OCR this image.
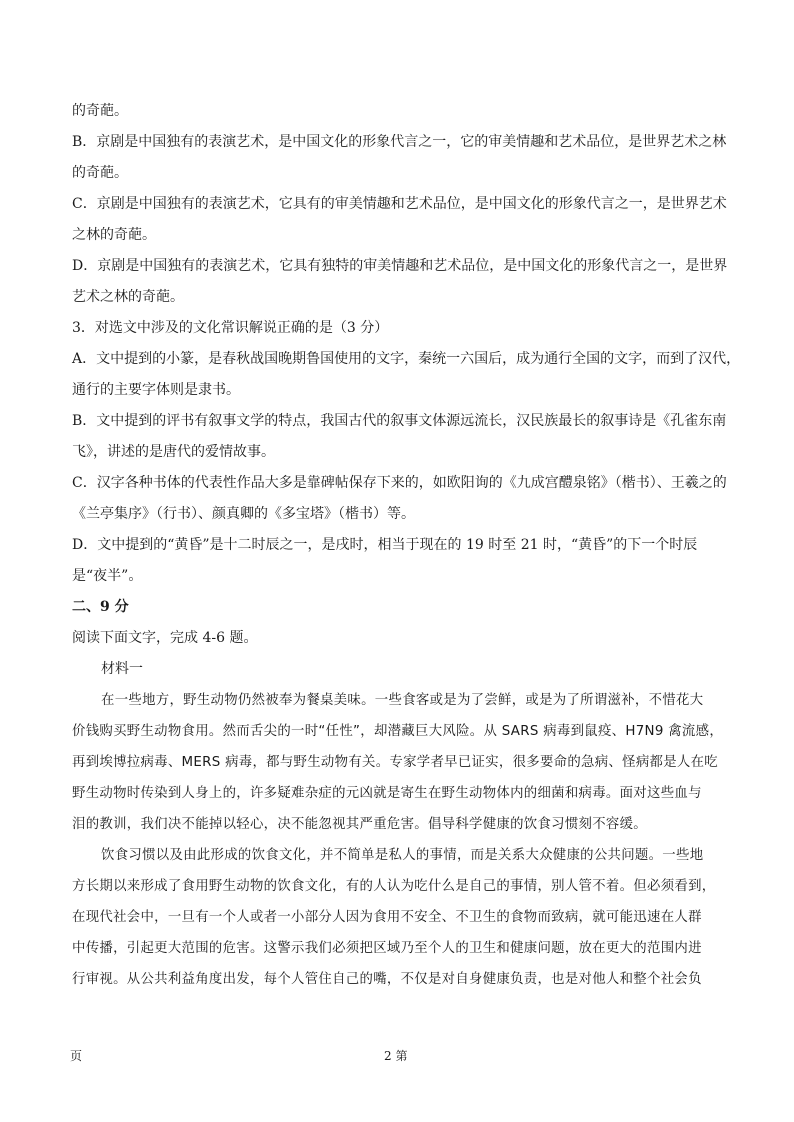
的奇葩。
B．京剧是中国独有的表演艺术，是中国文化的形象代言之一，它的审美情趣和艺术品位，是世界艺术之林
的奇葩。
C．京剧是中国独有的表演艺术，它具有的审美情趣和艺术品位，是中国文化的形象代言之一，是世界艺术
之林的奇葩。
D．京剧是中国独有的表演艺术，它具有独特的审美情趣和艺术品位，是中国文化的形象代言之一，是世界
艺术之林的奇葩。
3．对选文中涉及的文化常识解说正确的是（3 分）
A．文中提到的小篆，是春秋战国晚期鲁国使用的文字，秦统一六国后，成为通行全国的文字，而到了汉代，
通行的主要字体则是隶书。
B．文中提到的评书有叙事文学的特点，我国古代的叙事文体源远流长，汉民族最长的叙事诗是《孔雀东南
飞》，讲述的是唐代的爱情故事。
C．汉字各种书体的代表性作品大多是靠碑帖保存下来的，如欧阳询的《九成宫醴泉铭》（楷书）、王羲之的
《兰亭集序》（行书）、颜真卿的《多宝塔》（楷书）等。
D．文中提到的“黄昏”是十二时辰之一，是戌时，相当于现在的 19 时至 21 时，“黄昏”的下一个时辰
是“夜半”。
二、9 分
阅读下面文字，完成 4-6 题。
材料一
在一些地方，野生动物仍然被奉为餐桌美味。一些食客或是为了尝鲜，或是为了所谓滋补，不惜花大
价钱购买野生动物食用。然而舌尖的一时“任性”，却潜藏巨大风险。从 SARS 病毒到鼠疫、H7N9 禽流感，
再到埃博拉病毒、MERS 病毒，都与野生动物有关。专家学者早已证实，很多要命的急病、怪病都是人在吃
野生动物时传染到人身上的，许多疑难杂症的元凶就是寄生在野生动物体内的细菌和病毒。面对这些血与
泪的教训，我们决不能掉以轻心，决不能忽视其严重危害。倡导科学健康的饮食习惯刻不容缓。
饮食习惯以及由此形成的饮食文化，并不简单是私人的事情，而是关系大众健康的公共问题。一些地
方长期以来形成了食用野生动物的饮食文化，有的人认为吃什么是自己的事情，别人管不着。但必须看到，
在现代社会中，一旦有一个人或者一小部分人因为食用不安全、不卫生的食物而致病，就可能迅速在人群
中传播，引起更大范围的危害。这警示我们必须把区域乃至个人的卫生和健康问题，放在更大的范围内进
行审视。从公共利益角度出发，每个人管住自己的嘴，不仅是对自身健康负责，也是对他人和整个社会负
页	2 第
